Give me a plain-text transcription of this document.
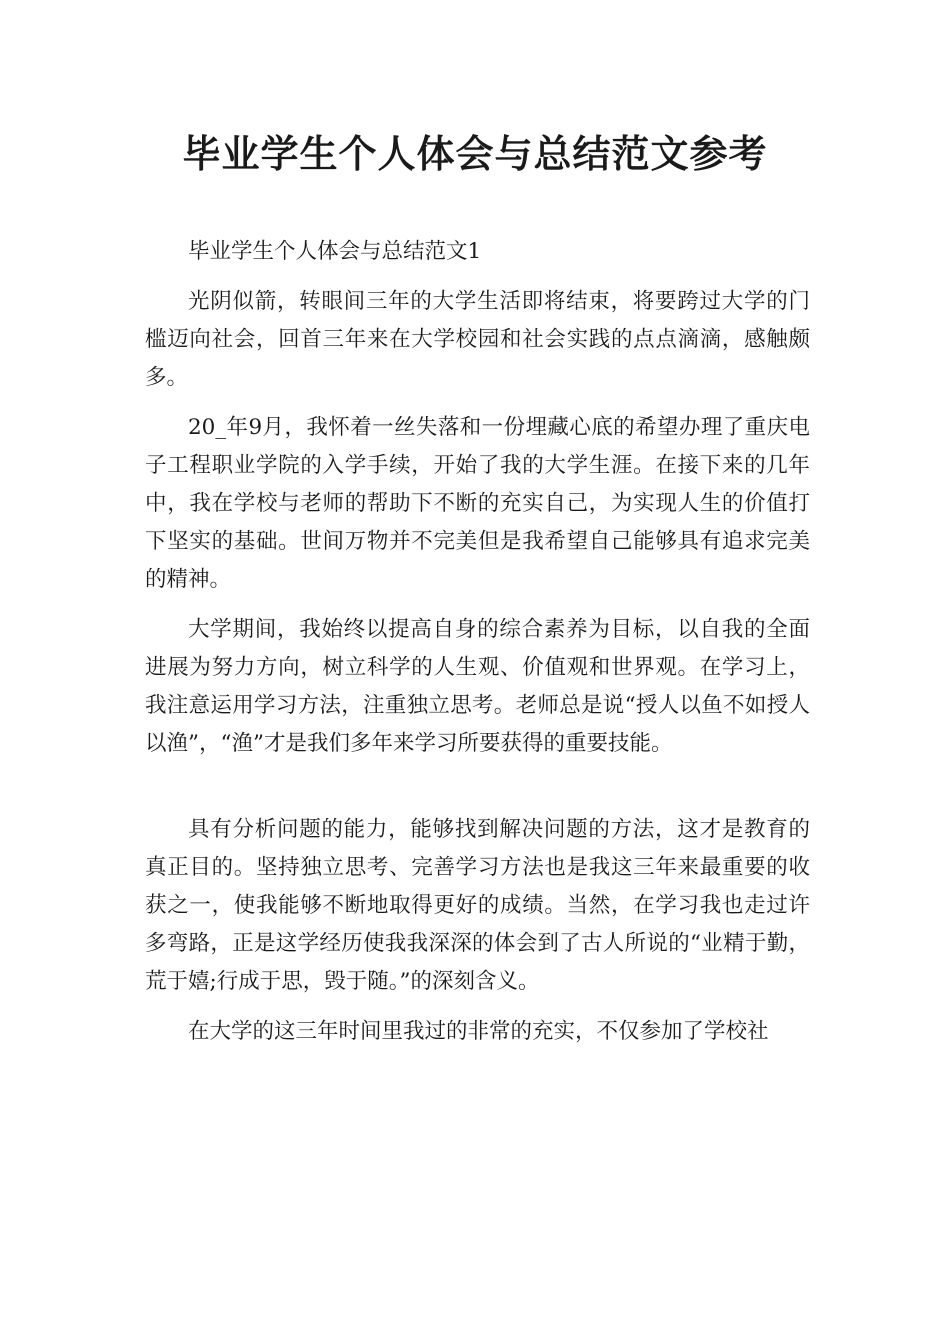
毕业学生个人体会与总结范文参考

毕业学生个人体会与总结范文1

光阴似箭，转眼间三年的大学生活即将结束，将要跨过大学的门槛迈向社会，回首三年来在大学校园和社会实践的点点滴滴，感触颇多。

20_年9月，我怀着一丝失落和一份埋藏心底的希望办理了重庆电子工程职业学院的入学手续，开始了我的大学生涯。在接下来的几年中，我在学校与老师的帮助下不断的充实自己，为实现人生的价值打下坚实的基础。世间万物并不完美但是我希望自己能够具有追求完美的精神。

大学期间，我始终以提高自身的综合素养为目标，以自我的全面进展为努力方向，树立科学的人生观、价值观和世界观。在学习上，我注意运用学习方法，注重独立思考。老师总是说“授人以鱼不如授人以渔”，“渔”才是我们多年来学习所要获得的重要技能。

具有分析问题的能力，能够找到解决问题的方法，这才是教育的真正目的。坚持独立思考、完善学习方法也是我这三年来最重要的收获之一，使我能够不断地取得更好的成绩。当然，在学习我也走过许多弯路，正是这学经历使我我深深的体会到了古人所说的“业精于勤，荒于嬉;行成于思，毁于随。”的深刻含义。

在大学的这三年时间里我过的非常的充实，不仅参加了学校社
